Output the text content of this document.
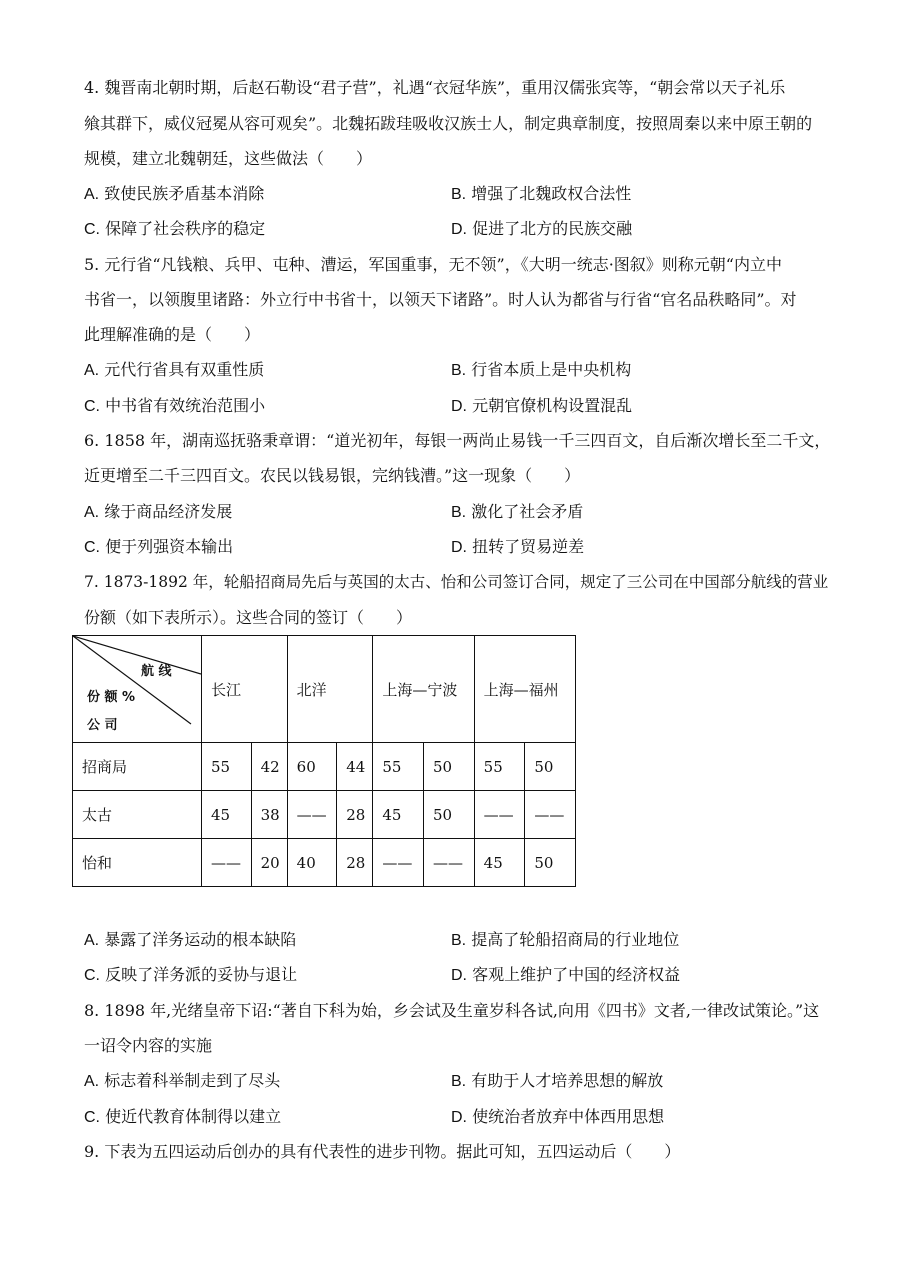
4. 魏晋南北朝时期，后赵石勒设“君子营”，礼遇“衣冠华族”，重用汉儒张宾等，“朝会常以天子礼乐
飨其群下，威仪冠冕从容可观矣”。北魏拓跋珪吸收汉族士人，制定典章制度，按照周秦以来中原王朝的
规模，建立北魏朝廷，这些做法（　　）
A. 致使民族矛盾基本消除	B. 增强了北魏政权合法性
C. 保障了社会秩序的稳定	D. 促进了北方的民族交融
5. 元行省“凡钱粮、兵甲、屯种、漕运，军国重事，无不领”，《大明一统志·图叙》则称元朝“内立中
书省一，以领腹里诸路：外立行中书省十，以领天下诸路”。时人认为都省与行省“官名品秩略同”。对
此理解准确的是（　　）
A. 元代行省具有双重性质	B. 行省本质上是中央机构
C. 中书省有效统治范围小	D. 元朝官僚机构设置混乱
6. 1858 年，湖南巡抚骆秉章谓：“道光初年，每银一两尚止易钱一千三四百文，自后渐次增长至二千文，
近更增至二千三四百文。农民以钱易银，完纳钱漕。”这一现象（　　）
A. 缘于商品经济发展	B. 激化了社会矛盾
C. 便于列强资本输出	D. 扭转了贸易逆差
7. 1873-1892 年，轮船招商局先后与英国的太古、怡和公司签订合同，规定了三公司在中国部分航线的营业
份额（如下表所示）。这些合同的签订（　　）
航 线
份 额 %
公 司	长江		北洋		上海—宁波		上海—福州	
招商局	55	42	60	44	55	50	55	50
太古	45	38	——	28	45	50	——	——
怡和	——	20	40	28	——	——	45	50
A. 暴露了洋务运动的根本缺陷	B. 提高了轮船招商局的行业地位
C. 反映了洋务派的妥协与退让	D. 客观上维护了中国的经济权益
8. 1898 年,光绪皇帝下诏:“著自下科为始，乡会试及生童岁科各试,向用《四书》文者,一律改试策论。”这
一诏令内容的实施
A. 标志着科举制走到了尽头	B. 有助于人才培养思想的解放
C. 使近代教育体制得以建立	D. 使统治者放弃中体西用思想
9. 下表为五四运动后创办的具有代表性的进步刊物。据此可知，五四运动后（　　）
